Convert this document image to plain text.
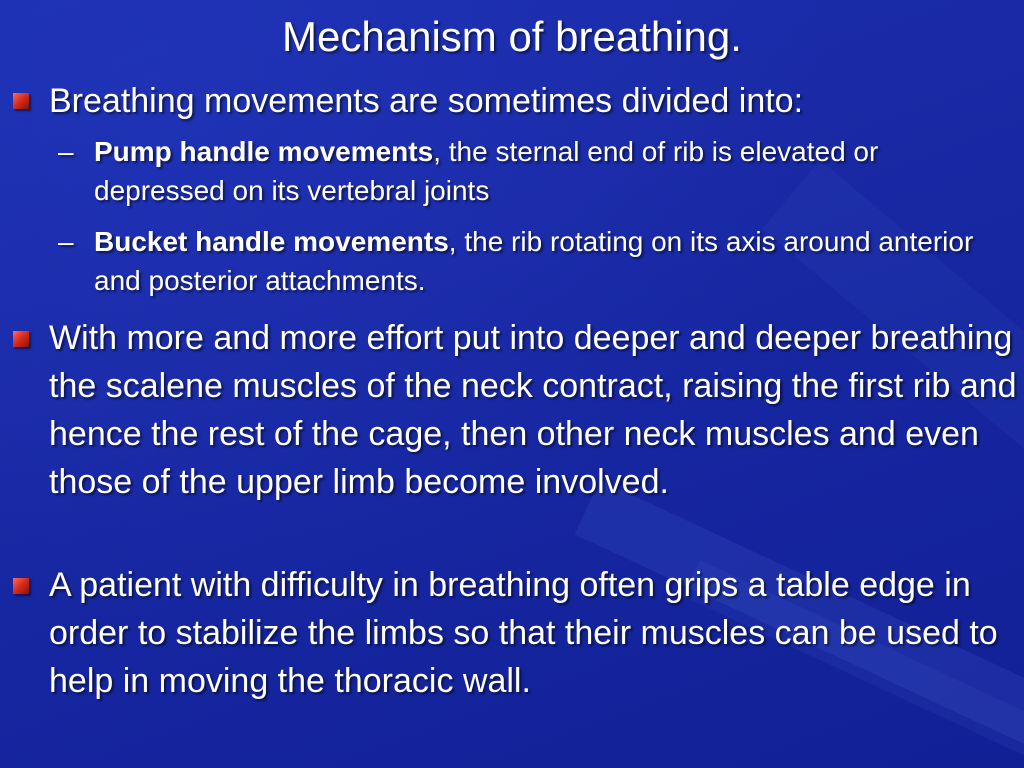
Mechanism of breathing.
Breathing movements are sometimes divided into:
– Pump handle movements, the sternal end of rib is elevated or depressed on its vertebral joints
– Bucket handle movements, the rib rotating on its axis around anterior and posterior attachments.
With more and more effort put into deeper and deeper breathing the scalene muscles of the neck contract, raising the first rib and hence the rest of the cage, then other neck muscles and even those of the upper limb become involved.
A patient with difficulty in breathing often grips a table edge in order to stabilize the limbs so that their muscles can be used to help in moving the thoracic wall.
